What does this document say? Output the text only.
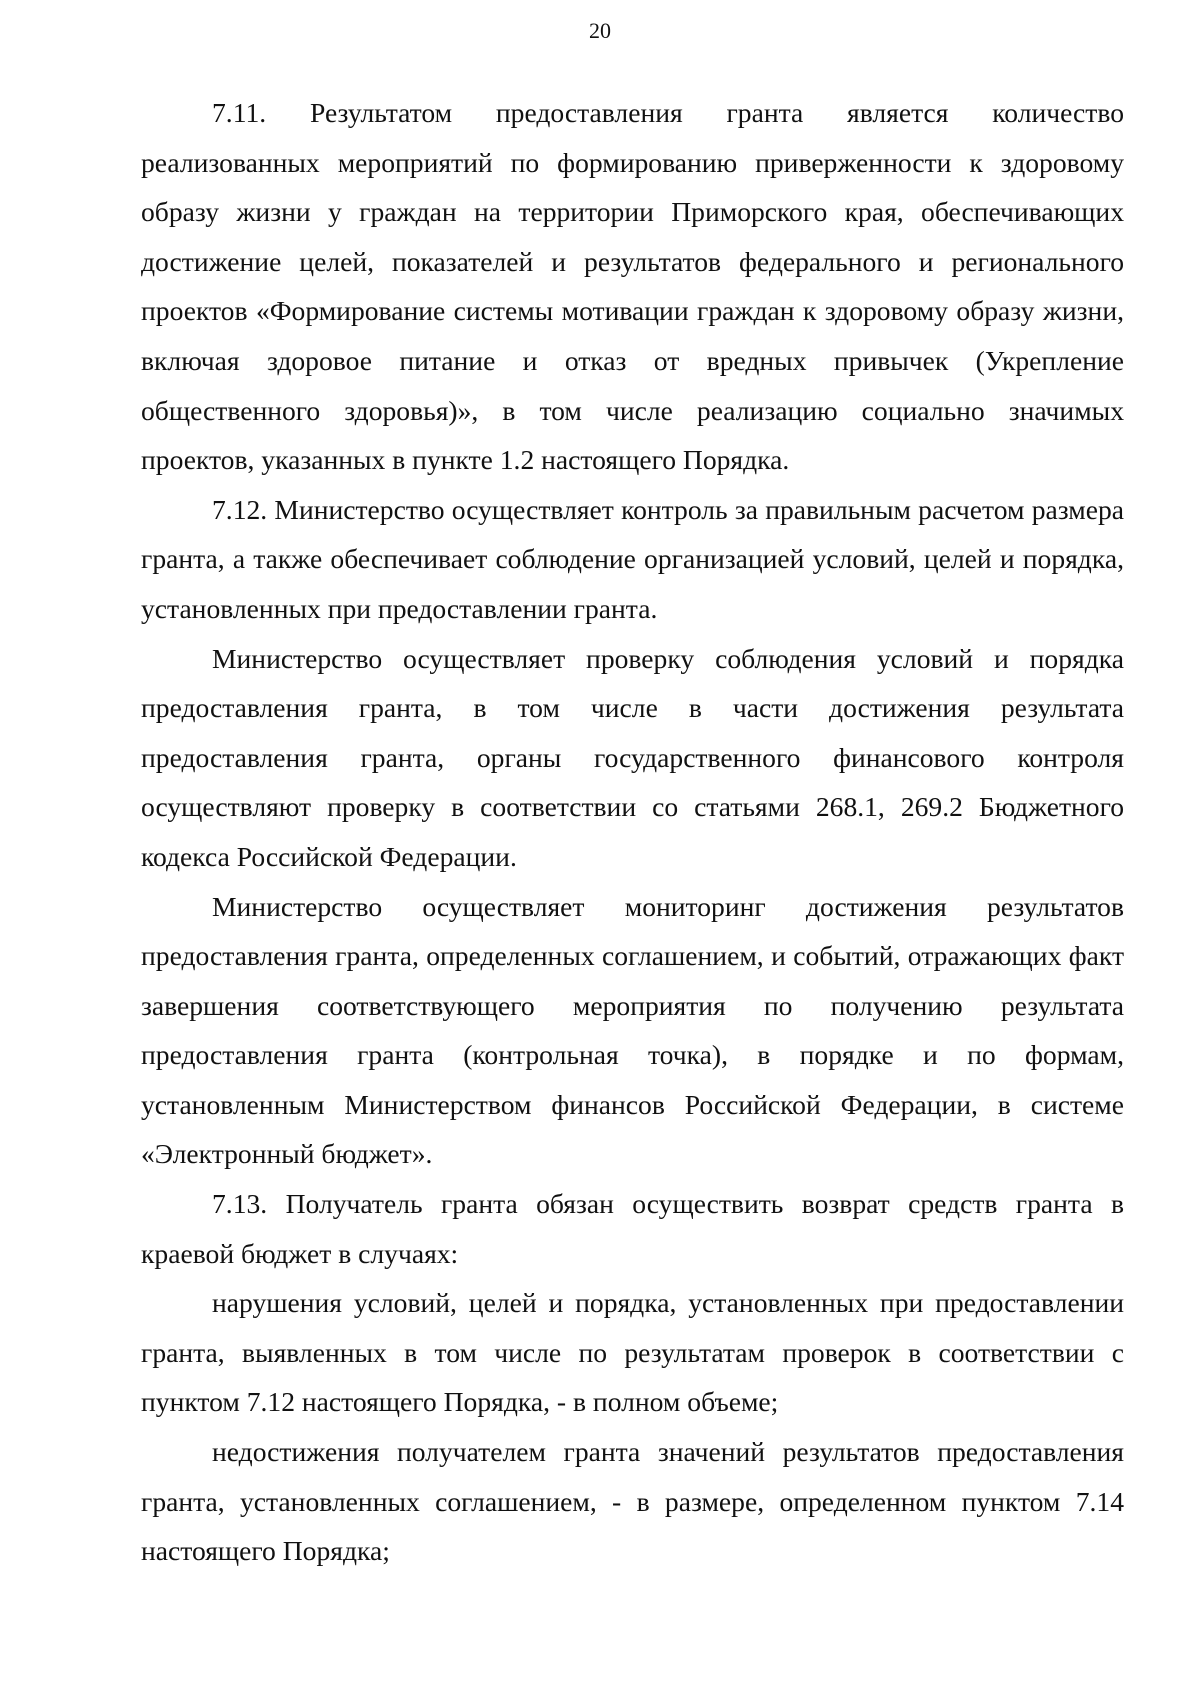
20

7.11. Результатом предоставления гранта является количество реализованных мероприятий по формированию приверженности к здоровому образу жизни у граждан на территории Приморского края, обеспечивающих достижение целей, показателей и результатов федерального и регионального проектов «Формирование системы мотивации граждан к здоровому образу жизни, включая здоровое питание и отказ от вредных привычек (Укрепление общественного здоровья)», в том числе реализацию социально значимых проектов, указанных в пункте 1.2 настоящего Порядка.

7.12. Министерство осуществляет контроль за правильным расчетом размера гранта, а также обеспечивает соблюдение организацией условий, целей и порядка, установленных при предоставлении гранта.

Министерство осуществляет проверку соблюдения условий и порядка предоставления гранта, в том числе в части достижения результата предоставления гранта, органы государственного финансового контроля осуществляют проверку в соответствии со статьями 268.1, 269.2 Бюджетного кодекса Российской Федерации.

Министерство осуществляет мониторинг достижения результатов предоставления гранта, определенных соглашением, и событий, отражающих факт завершения соответствующего мероприятия по получению результата предоставления гранта (контрольная точка), в порядке и по формам, установленным Министерством финансов Российской Федерации, в системе «Электронный бюджет».

7.13. Получатель гранта обязан осуществить возврат средств гранта в краевой бюджет в случаях:

нарушения условий, целей и порядка, установленных при предоставлении гранта, выявленных в том числе по результатам проверок в соответствии с пунктом 7.12 настоящего Порядка, - в полном объеме;

недостижения получателем гранта значений результатов предоставления гранта, установленных соглашением, - в размере, определенном пунктом 7.14 настоящего Порядка;
